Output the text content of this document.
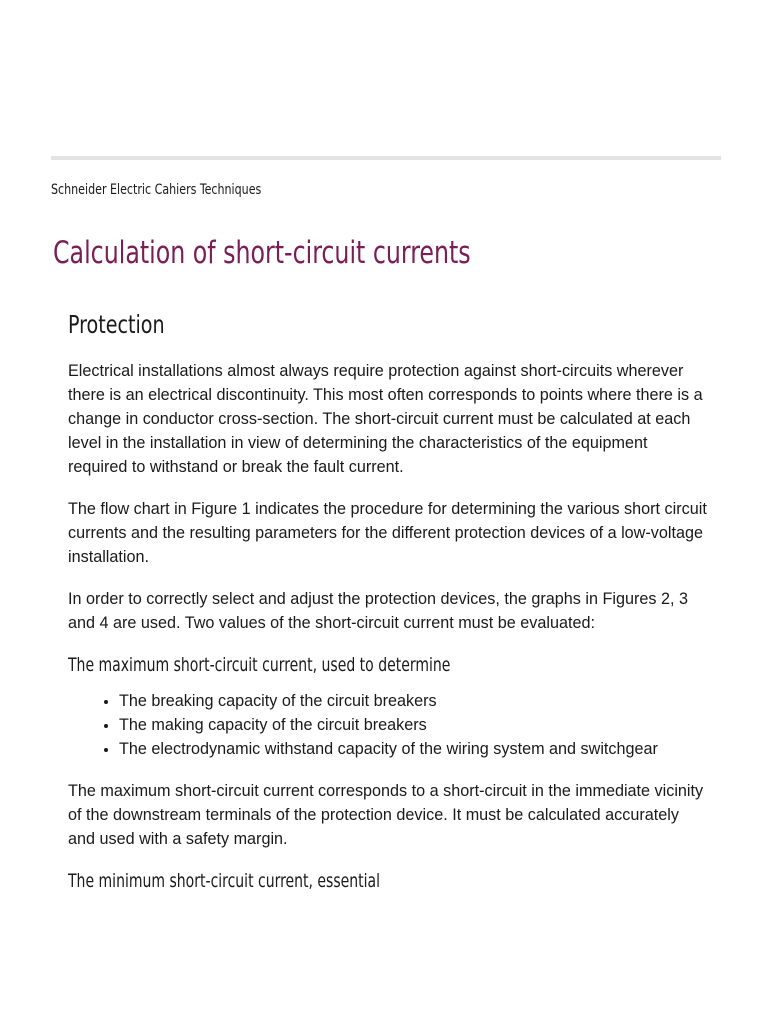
Schneider Electric Cahiers Techniques
Calculation of short-circuit currents
Protection

Electrical installations almost always require protection against short-circuits wherever there is an electrical discontinuity. This most often corresponds to points where there is a change in conductor cross-section. The short-circuit current must be calculated at each level in the installation in view of determining the characteristics of the equipment required to withstand or break the fault current.

The flow chart in Figure 1 indicates the procedure for determining the various short circuit currents and the resulting parameters for the different protection devices of a low-voltage installation.

In order to correctly select and adjust the protection devices, the graphs in Figures 2, 3 and 4 are used. Two values of the short-circuit current must be evaluated:

The maximum short-circuit current, used to determine
• The breaking capacity of the circuit breakers
• The making capacity of the circuit breakers
• The electrodynamic withstand capacity of the wiring system and switchgear

The maximum short-circuit current corresponds to a short-circuit in the immediate vicinity of the downstream terminals of the protection device. It must be calculated accurately and used with a safety margin.

The minimum short-circuit current, essential
